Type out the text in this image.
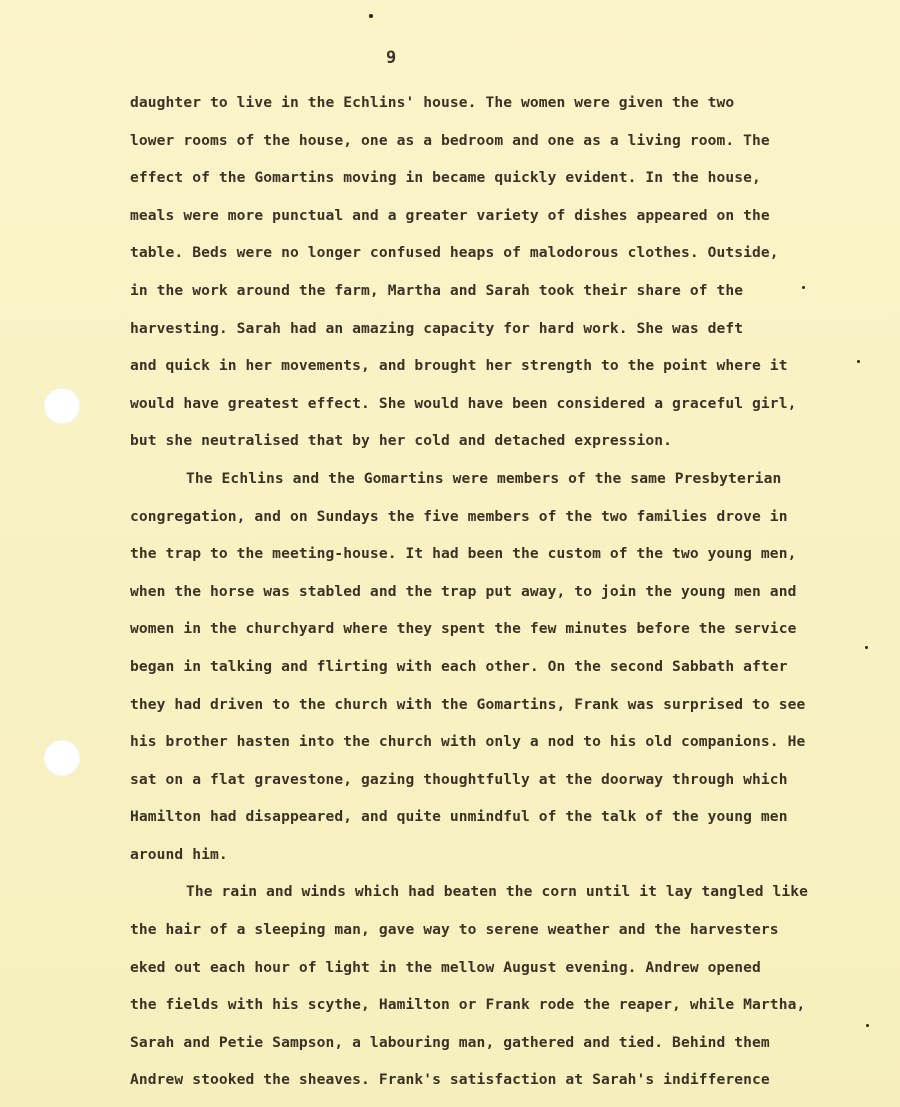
9
daughter to live in the Echlins' house. The women were given the two
lower rooms of the house, one as a bedroom and one as a living room. The
effect of the Gomartins moving in became quickly evident. In the house,
meals were more punctual and a greater variety of dishes appeared on the
table. Beds were no longer confused heaps of malodorous clothes. Outside,
in the work around the farm, Martha and Sarah took their share of the
harvesting. Sarah had an amazing capacity for hard work. She was deft
and quick in her movements, and brought her strength to the point where it
would have greatest effect. She would have been considered a graceful girl,
but she neutralised that by her cold and detached expression.
The Echlins and the Gomartins were members of the same Presbyterian
congregation, and on Sundays the five members of the two families drove in
the trap to the meeting-house. It had been the custom of the two young men,
when the horse was stabled and the trap put away, to join the young men and
women in the churchyard where they spent the few minutes before the service
began in talking and flirting with each other. On the second Sabbath after
they had driven to the church with the Gomartins, Frank was surprised to see
his brother hasten into the church with only a nod to his old companions. He
sat on a flat gravestone, gazing thoughtfully at the doorway through which
Hamilton had disappeared, and quite unmindful of the talk of the young men
around him.
The rain and winds which had beaten the corn until it lay tangled like
the hair of a sleeping man, gave way to serene weather and the harvesters
eked out each hour of light in the mellow August evening. Andrew opened
the fields with his scythe, Hamilton or Frank rode the reaper, while Martha,
Sarah and Petie Sampson, a labouring man, gathered and tied. Behind them
Andrew stooked the sheaves. Frank's satisfaction at Sarah's indifference
